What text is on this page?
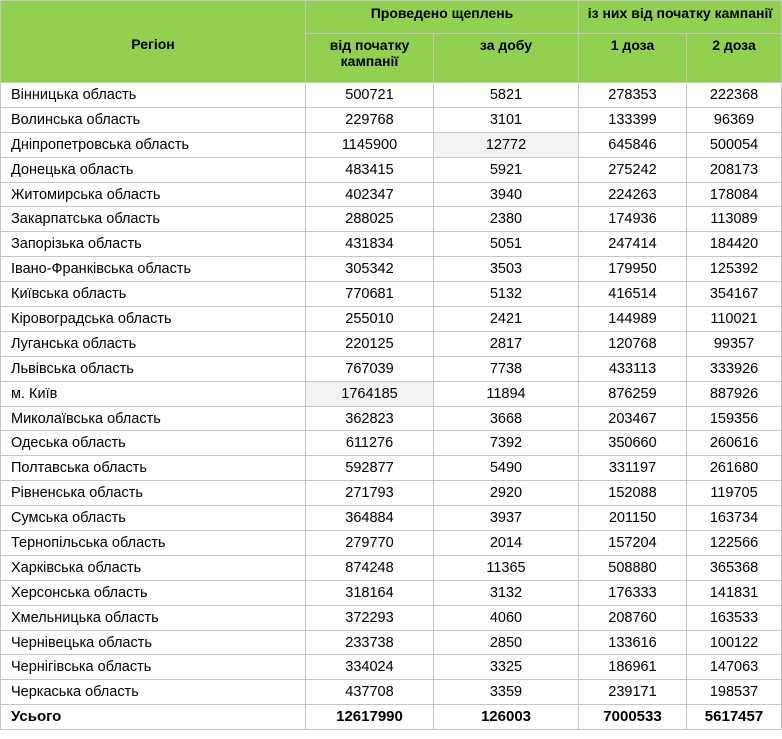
Регіон	Проведено щеплень		із них від початку кампанії	
	від початку кампанії	за добу	1 доза	2 доза
Вінницька область	500721	5821	278353	222368
Волинська область	229768	3101	133399	96369
Дніпропетровська область	1145900	12772	645846	500054
Донецька область	483415	5921	275242	208173
Житомирська область	402347	3940	224263	178084
Закарпатська область	288025	2380	174936	113089
Запорізька область	431834	5051	247414	184420
Івано-Франківська область	305342	3503	179950	125392
Київська область	770681	5132	416514	354167
Кіровоградська область	255010	2421	144989	110021
Луганська область	220125	2817	120768	99357
Львівська область	767039	7738	433113	333926
м. Київ	1764185	11894	876259	887926
Миколаївська область	362823	3668	203467	159356
Одеська область	611276	7392	350660	260616
Полтавська область	592877	5490	331197	261680
Рівненська область	271793	2920	152088	119705
Сумська область	364884	3937	201150	163734
Тернопільська область	279770	2014	157204	122566
Харківська область	874248	11365	508880	365368
Херсонська область	318164	3132	176333	141831
Хмельницька область	372293	4060	208760	163533
Чернівецька область	233738	2850	133616	100122
Чернігівська область	334024	3325	186961	147063
Черкаська область	437708	3359	239171	198537
Усього	12617990	126003	7000533	5617457
